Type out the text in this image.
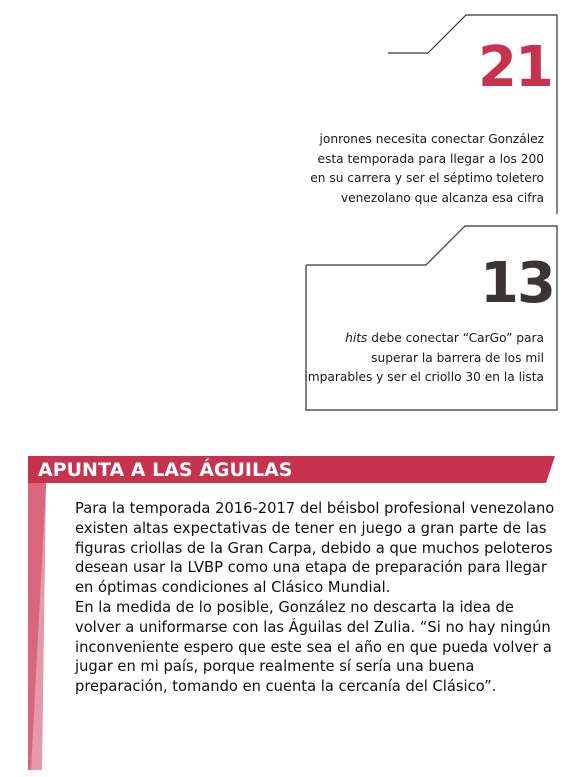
21
jonrones necesita conectar González
esta temporada para llegar a los 200
en su carrera y ser el séptimo toletero
venezolano que alcanza esa cifra
13
hits debe conectar “CarGo” para
superar la barrera de los mil
imparables y ser el criollo 30 en la lista
APUNTA A LAS ÁGUILAS

Para la temporada 2016-2017 del béisbol profesional venezolano existen altas expectativas de tener en juego a gran parte de las figuras criollas de la Gran Carpa, debido a que muchos peloteros desean usar la LVBP como una etapa de preparación para llegar en óptimas condiciones al Clásico Mundial.

En la medida de lo posible, González no descarta la idea de volver a uniformarse con las Águilas del Zulia. “Si no hay ningún inconveniente espero que este sea el año en que pueda volver a jugar en mi país, porque realmente sí sería una buena preparación, tomando en cuenta la cercanía del Clásico”.
